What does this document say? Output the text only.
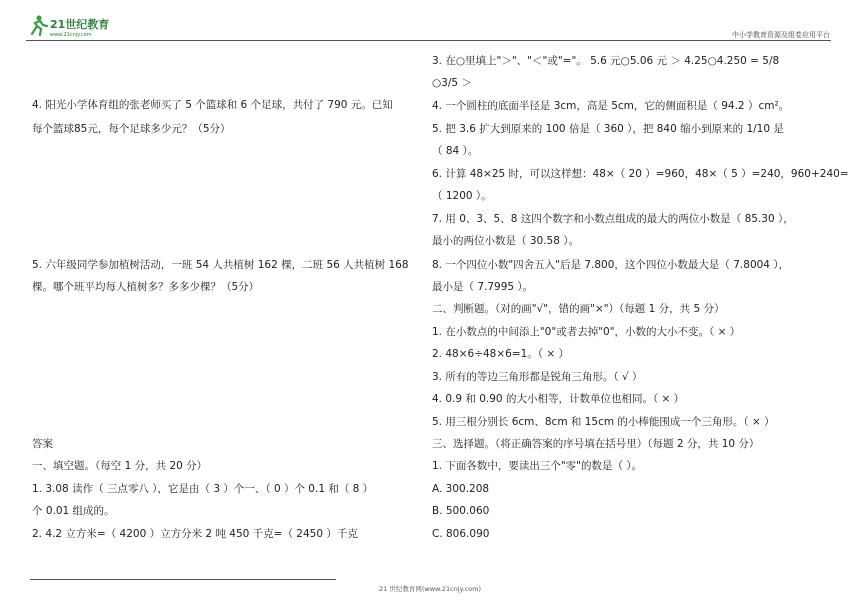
21世纪教育
www.21cnjy.com	中小学教育资源及组卷应用平台
4. 阳光小学体育组的张老师买了 5 个篮球和 6 个足球，共付了 790 元。已知
每个篮球85元，每个足球多少元？（5分）
5. 六年级同学参加植树活动，一班 54 人共植树 162 棵，二班 56 人共植树 168
棵。哪个班平均每人植树多？多多少棵？（5分）
答案
一、填空题。（每空 1 分，共 20 分）
1. 3.08 读作（ 三点零八 ），它是由（ 3 ）个一、（ 0 ）个 0.1 和（ 8 ）
个 0.01 组成的。
2. 4.2 立方米=（ 4200 ）立方分米 2 吨 450 千克=（ 2450 ）千克
3. 在○里填上"＞"、"＜"或"="。 5.6 元○5.06 元 ＞ 4.25○4.250 = 5/8
○3/5 ＞
4. 一个圆柱的底面半径是 3cm，高是 5cm，它的侧面积是（ 94.2 ）cm²。
5. 把 3.6 扩大到原来的 100 倍是（ 360 ），把 840 缩小到原来的 1/10 是
（ 84 ）。
6. 计算 48×25 时，可以这样想：48×（ 20 ）=960，48×（ 5 ）=240，960+240=
（ 1200 ）。
7. 用 0、3、5、8 这四个数字和小数点组成的最大的两位小数是（ 85.30 ），
最小的两位小数是（ 30.58 ）。
8. 一个四位小数"四舍五入"后是 7.800，这个四位小数最大是（ 7.8004 ），
最小是（ 7.7995 ）。
二、判断题。（对的画"√"，错的画"×"）（每题 1 分，共 5 分）
1. 在小数点的中间添上"0"或者去掉"0"，小数的大小不变。（ × ）
2. 48×6÷48×6=1。（ × ）
3. 所有的等边三角形都是锐角三角形。（ √ ）
4. 0.9 和 0.90 的大小相等，计数单位也相同。（ × ）
5. 用三根分别长 6cm、8cm 和 15cm 的小棒能围成一个三角形。（ × ）
三、选择题。（将正确答案的序号填在括号里）（每题 2 分，共 10 分）
1. 下面各数中，要读出三个"零"的数是（ ）。
A. 300.208
B. 500.060
C. 806.090
21 世纪教育网(www.21cnjy.com)
